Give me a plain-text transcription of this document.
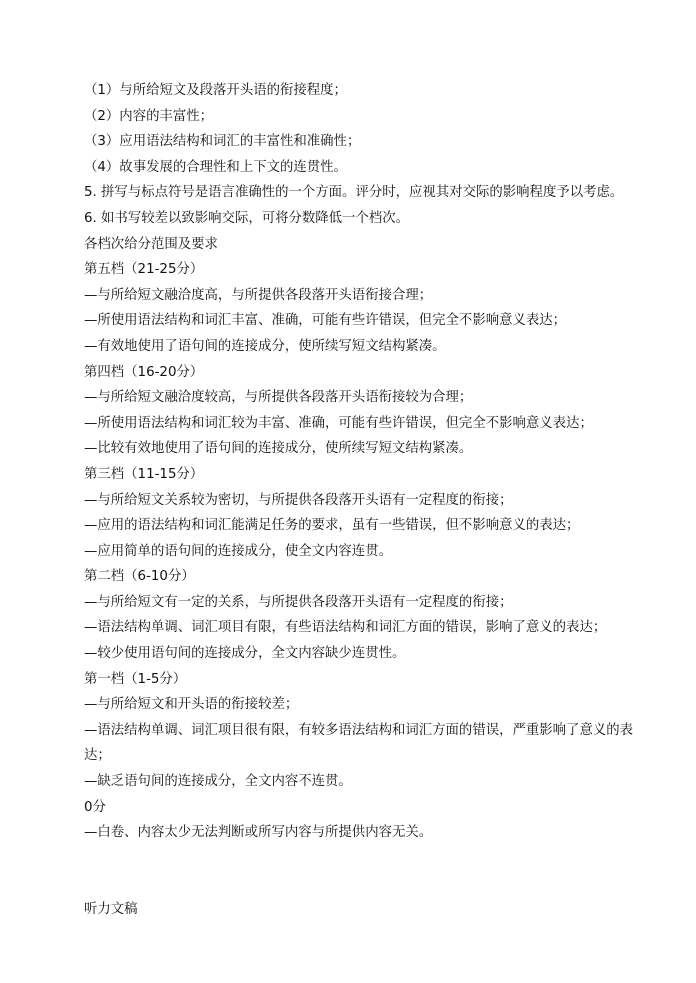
（1）与所给短文及段落开头语的衔接程度；
（2）内容的丰富性；
（3）应用语法结构和词汇的丰富性和准确性；
（4）故事发展的合理性和上下文的连贯性。
5. 拼写与标点符号是语言准确性的一个方面。评分时，应视其对交际的影响程度予以考虑。
6. 如书写较差以致影响交际，可将分数降低一个档次。
各档次给分范围及要求
第五档（21-25分）
—与所给短文融洽度高，与所提供各段落开头语衔接合理；
—所使用语法结构和词汇丰富、准确，可能有些许错误，但完全不影响意义表达；
—有效地使用了语句间的连接成分，使所续写短文结构紧凑。
第四档（16-20分）
—与所给短文融洽度较高，与所提供各段落开头语衔接较为合理；
—所使用语法结构和词汇较为丰富、准确，可能有些许错误，但完全不影响意义表达；
—比较有效地使用了语句间的连接成分，使所续写短文结构紧凑。
第三档（11-15分）
—与所给短文关系较为密切，与所提供各段落开头语有一定程度的衔接；
—应用的语法结构和词汇能满足任务的要求，虽有一些错误，但不影响意义的表达；
—应用简单的语句间的连接成分，使全文内容连贯。
第二档（6-10分）
—与所给短文有一定的关系，与所提供各段落开头语有一定程度的衔接；
—语法结构单调、词汇项目有限，有些语法结构和词汇方面的错误，影响了意义的表达；
—较少使用语句间的连接成分，全文内容缺少连贯性。
第一档（1-5分）
—与所给短文和开头语的衔接较差；
—语法结构单调、词汇项目很有限，有较多语法结构和词汇方面的错误，严重影响了意义的表达；
—缺乏语句间的连接成分，全文内容不连贯。
0分
—白卷、内容太少无法判断或所写内容与所提供内容无关。
听力文稿
